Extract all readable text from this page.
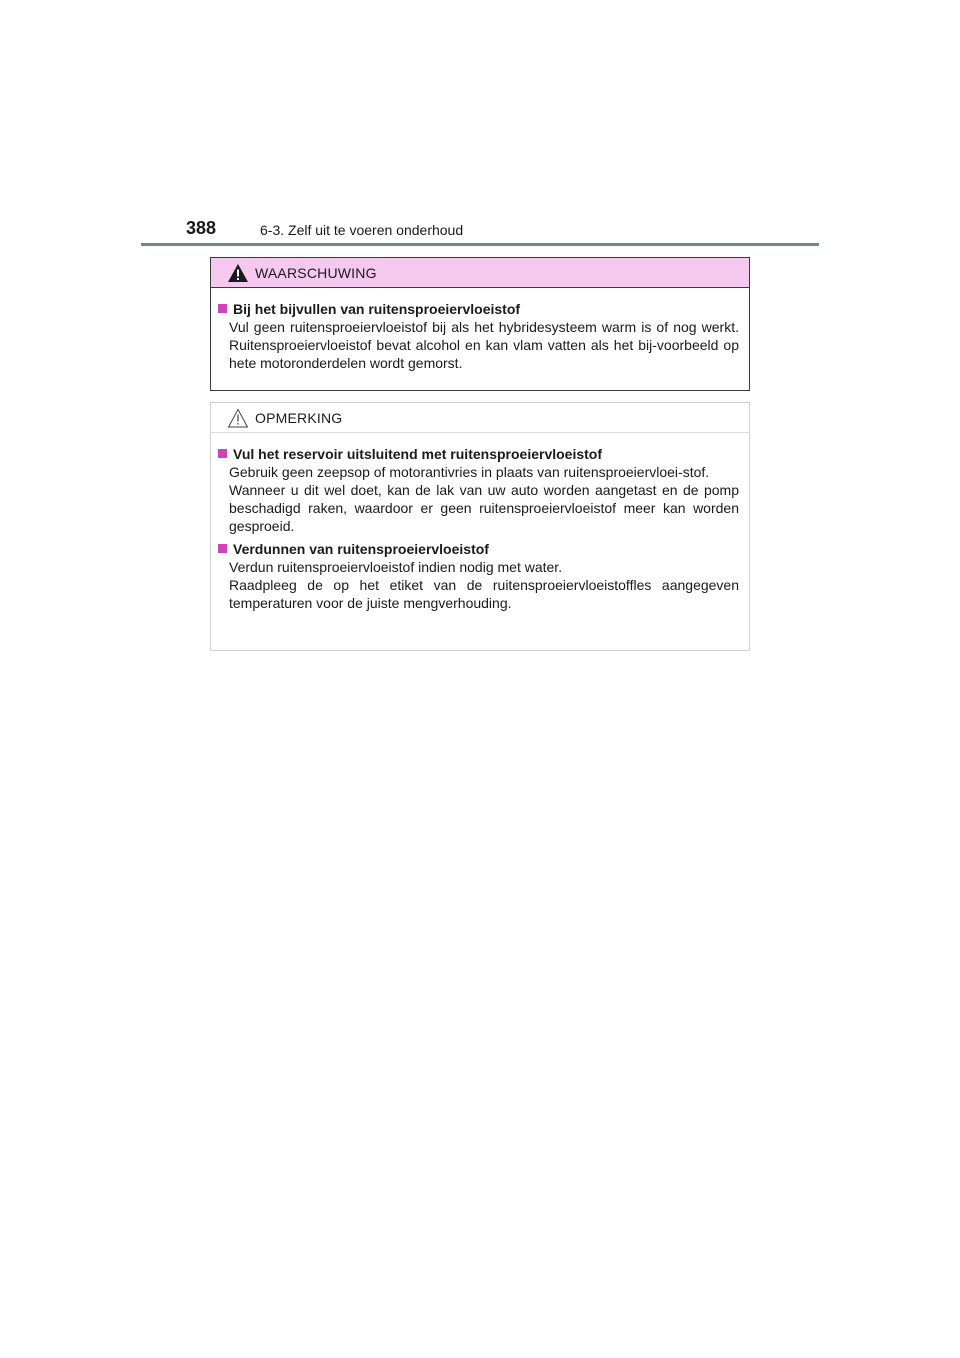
388	6-3. Zelf uit te voeren onderhoud
WAARSCHUWING
Bij het bijvullen van ruitensproeiervloeistof

Vul geen ruitensproeiervloeistof bij als het hybridesysteem warm is of nog werkt. Ruitensproeiervloeistof bevat alcohol en kan vlam vatten als het bij-voorbeeld op hete motoronderdelen wordt gemorst.

OPMERKING
Vul het reservoir uitsluitend met ruitensproeiervloeistof

Gebruik geen zeepsop of motorantivries in plaats van ruitensproeiervloei-stof.

Wanneer u dit wel doet, kan de lak van uw auto worden aangetast en de pomp beschadigd raken, waardoor er geen ruitensproeiervloeistof meer kan worden gesproeid.

Verdunnen van ruitensproeiervloeistof

Verdun ruitensproeiervloeistof indien nodig met water.

Raadpleeg de op het etiket van de ruitensproeiervloeistoffles aangegeven temperaturen voor de juiste mengverhouding.
